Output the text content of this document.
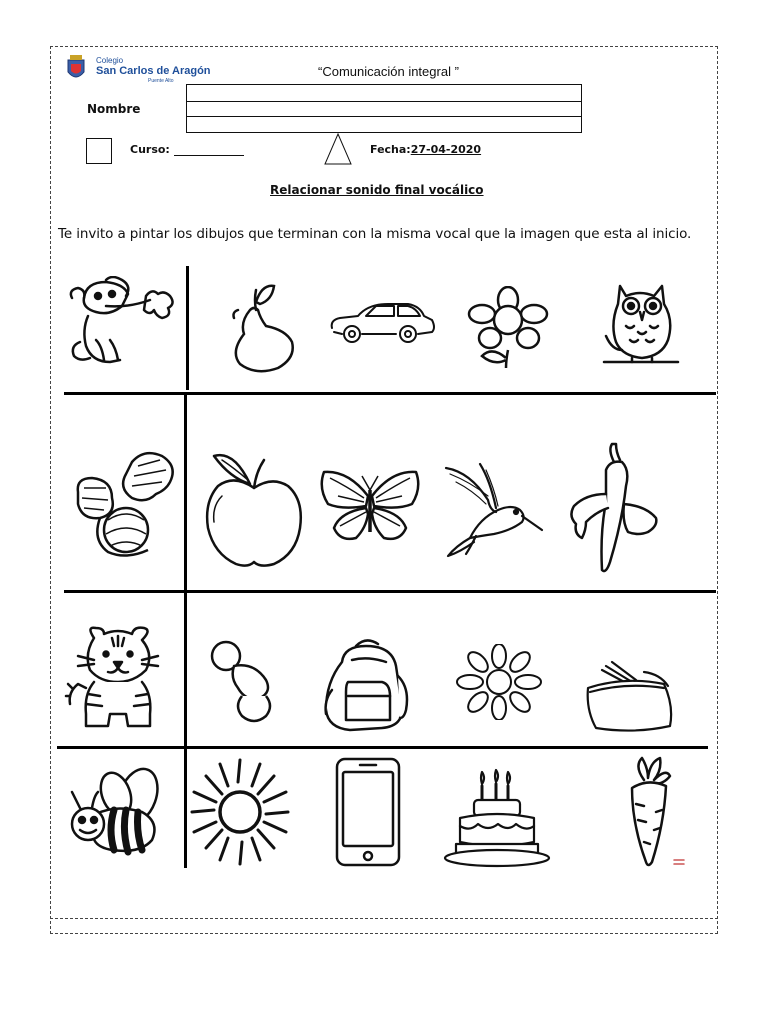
Colegio
San Carlos de Aragón
Puente Alto
“Comunicación integral ”
Nombre
Curso:	Fecha:27-04-2020
Relacionar sonido final vocálico
Te invito a pintar los dibujos que terminan con la misma vocal que la imagen que esta al inicio.
